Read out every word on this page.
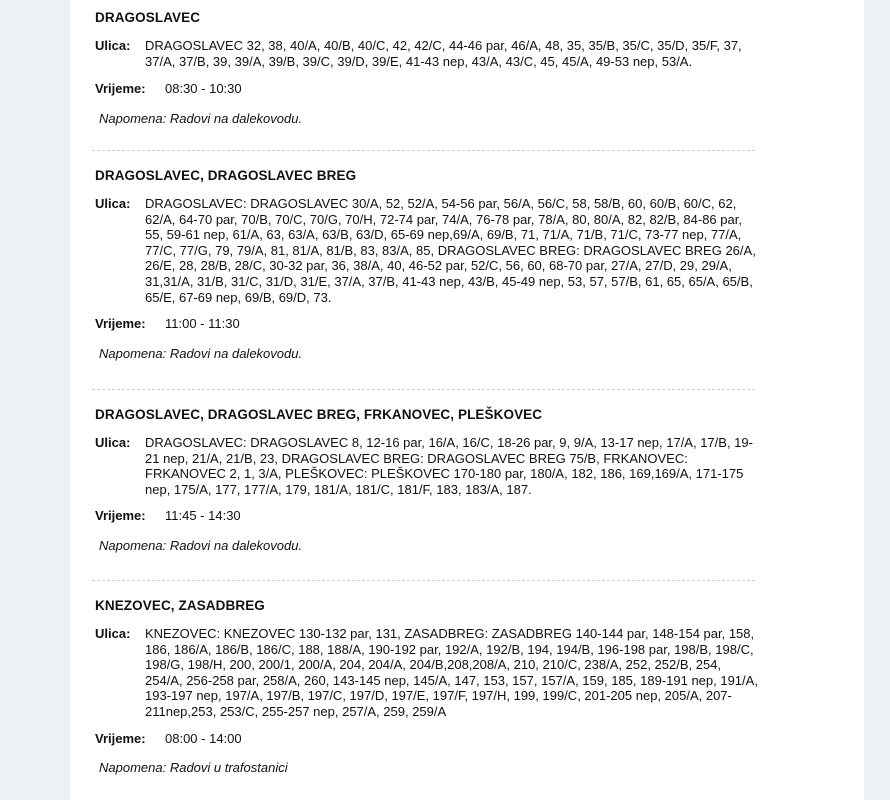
DRAGOSLAVEC
Ulica:	DRAGOSLAVEC 32, 38, 40/A, 40/B, 40/C, 42, 42/C, 44-46 par, 46/A, 48, 35, 35/B, 35/C, 35/D, 35/F, 37, 37/A, 37/B, 39, 39/A, 39/B, 39/C, 39/D, 39/E, 41-43 nep, 43/A, 43/C, 45, 45/A, 49-53 nep, 53/A.
Vrijeme:	08:30 - 10:30
Napomena: Radovi na dalekovodu.
DRAGOSLAVEC, DRAGOSLAVEC BREG
Ulica:	DRAGOSLAVEC: DRAGOSLAVEC 30/A, 52, 52/A, 54-56 par, 56/A, 56/C, 58, 58/B, 60, 60/B, 60/C, 62, 62/A, 64-70 par, 70/B, 70/C, 70/G, 70/H, 72-74 par, 74/A, 76-78 par, 78/A, 80, 80/A, 82, 82/B, 84-86 par, 55, 59-61 nep, 61/A, 63, 63/A, 63/B, 63/D, 65-69 nep,69/A, 69/B, 71, 71/A, 71/B, 71/C, 73-77 nep, 77/A, 77/C, 77/G, 79, 79/A, 81, 81/A, 81/B, 83, 83/A, 85, DRAGOSLAVEC BREG: DRAGOSLAVEC BREG 26/A, 26/E, 28, 28/B, 28/C, 30-32 par, 36, 38/A, 40, 46-52 par, 52/C, 56, 60, 68-70 par, 27/A, 27/D, 29, 29/A, 31,31/A, 31/B, 31/C, 31/D, 31/E, 37/A, 37/B, 41-43 nep, 43/B, 45-49 nep, 53, 57, 57/B, 61, 65, 65/A, 65/B, 65/E, 67-69 nep, 69/B, 69/D, 73.
Vrijeme:	11:00 - 11:30
Napomena: Radovi na dalekovodu.
DRAGOSLAVEC, DRAGOSLAVEC BREG, FRKANOVEC, PLEŠKOVEC
Ulica:	DRAGOSLAVEC: DRAGOSLAVEC 8, 12-16 par, 16/A, 16/C, 18-26 par, 9, 9/A, 13-17 nep, 17/A, 17/B, 19-21 nep, 21/A, 21/B, 23, DRAGOSLAVEC BREG: DRAGOSLAVEC BREG 75/B, FRKANOVEC: FRKANOVEC 2, 1, 3/A, PLEŠKOVEC: PLEŠKOVEC 170-180 par, 180/A, 182, 186, 169,169/A, 171-175 nep, 175/A, 177, 177/A, 179, 181/A, 181/C, 181/F, 183, 183/A, 187.
Vrijeme:	11:45 - 14:30
Napomena: Radovi na dalekovodu.
KNEZOVEC, ZASADBREG
Ulica:	KNEZOVEC: KNEZOVEC 130-132 par, 131, ZASADBREG: ZASADBREG 140-144 par, 148-154 par, 158, 186, 186/A, 186/B, 186/C, 188, 188/A, 190-192 par, 192/A, 192/B, 194, 194/B, 196-198 par, 198/B, 198/C, 198/G, 198/H, 200, 200/1, 200/A, 204, 204/A, 204/B,208,208/A, 210, 210/C, 238/A, 252, 252/B, 254, 254/A, 256-258 par, 258/A, 260, 143-145 nep, 145/A, 147, 153, 157, 157/A, 159, 185, 189-191 nep, 191/A, 193-197 nep, 197/A, 197/B, 197/C, 197/D, 197/E, 197/F, 197/H, 199, 199/C, 201-205 nep, 205/A, 207-211nep,253, 253/C, 255-257 nep, 257/A, 259, 259/A
Vrijeme:	08:00 - 14:00
Napomena: Radovi u trafostanici
